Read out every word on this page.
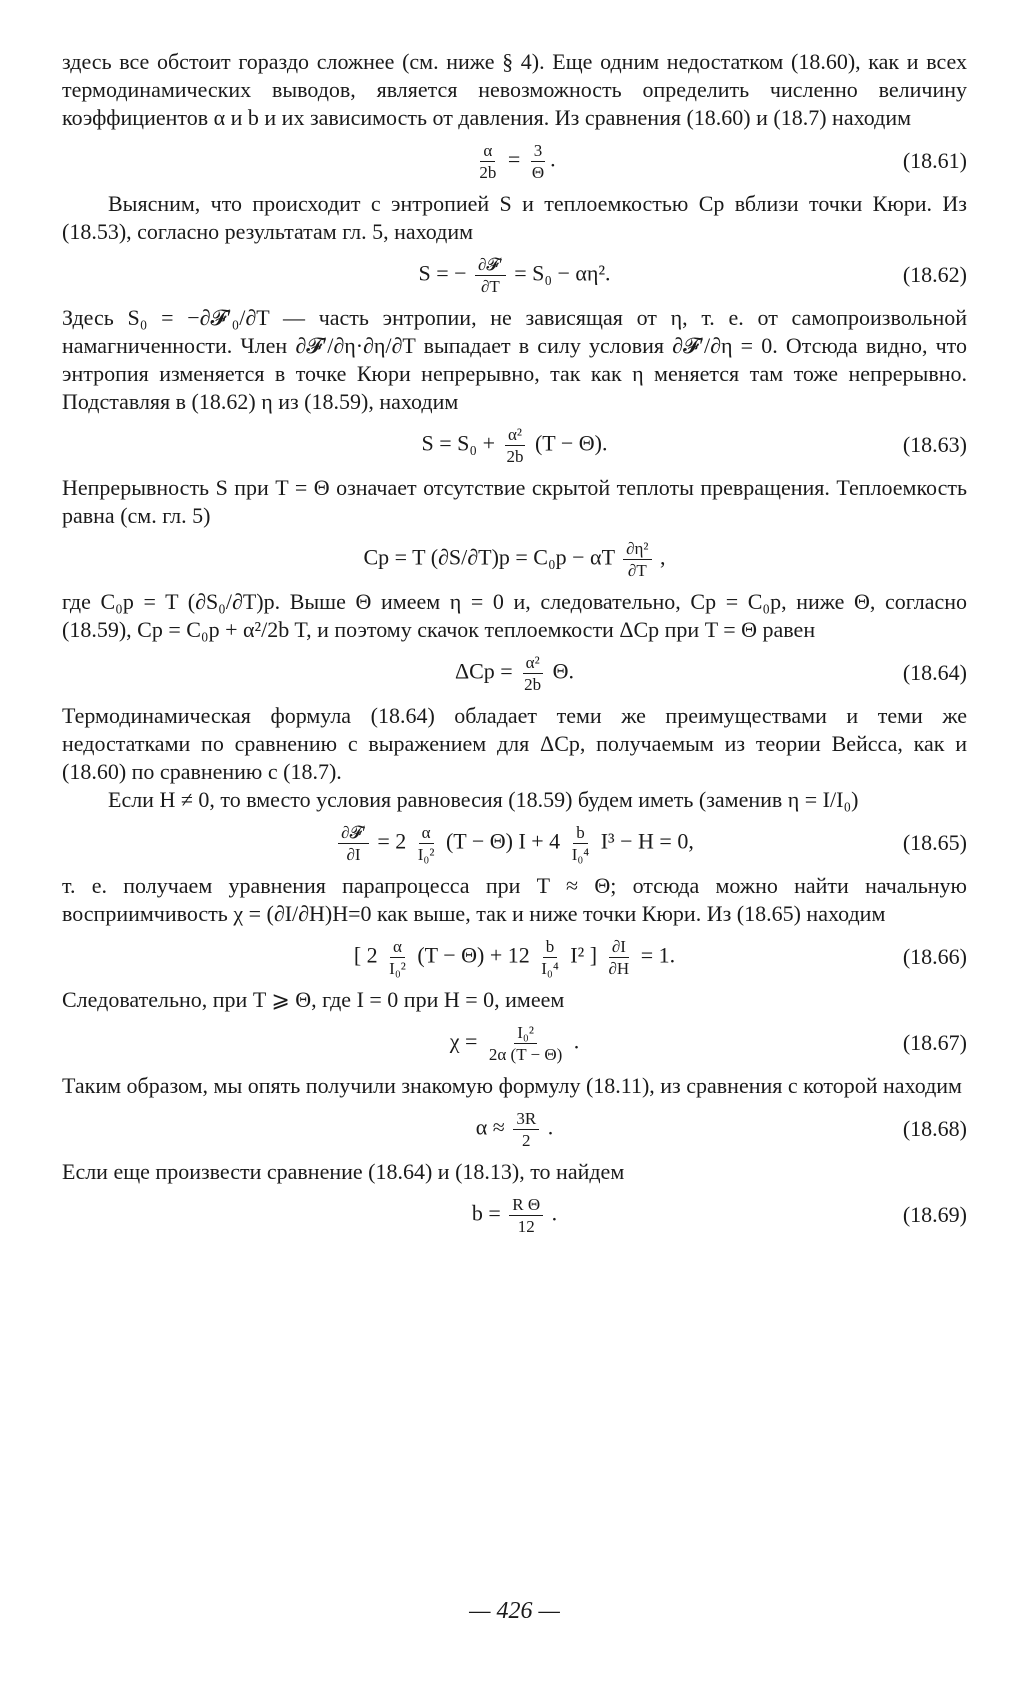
здесь все обстоит гораздо сложнее (см. ниже § 4). Еще одним недостатком (18.60), как и всех термодинамических выводов, является невозможность определить численно величину коэффициентов α и b и их зависимость от давления. Из сравнения (18.60) и (18.7) находим

$\frac{\alpha}{2b} = \frac{3}{\Theta}$ .	(18.61)

Выясним, что происходит с энтропией S и теплоемкостью Cp вблизи точки Кюри. Из (18.53), согласно результатам гл. 5, находим

S = − ∂𝓕′
∂T
= S₀ − αη².	(18.62)

Здесь S₀ = −∂𝓕′₀/∂T — часть энтропии, не зависящая от η, т. е. от самопроизвольной намагниченности. Член ∂𝓕′/∂η·∂η/∂T выпадает в силу условия ∂𝓕′/∂η = 0. Отсюда видно, что энтропия изменяется в точке Кюри непрерывно, так как η меняется там тоже непрерывно. Подставляя в (18.62) η из (18.59), находим

$S = S_0 + \frac{\text{α²}}{2b} (T - \Theta)$.	(18.63)

Непрерывность S при T = Θ означает отсутствие скрытой теплоты превращения. Теплоемкость равна (см. гл. 5)

Cp = T (∂S/∂T)p = C₀p − αT $\frac{\text{∂η²}}{\partial T}$ ,

где C₀p = T (∂S₀/∂T)p. Выше Θ имеем η = 0 и, следовательно, Cp = C₀p, ниже Θ, согласно (18.59), Cp = C₀p + α²/2b T, и поэтому скачок теплоемкости ΔCp при T = Θ равен

$\Delta Cp = \frac{\text{α²}}{2b} \Theta$.	(18.64)

Термодинамическая формула (18.64) обладает теми же преимуществами и теми же недостатками по сравнению с выражением для ΔCp, получаемым из теории Вейсса, как и (18.60) по сравнению с (18.7).

Если H ≠ 0, то вместо условия равновесия (18.59) будем иметь (заменив η = I/I₀)

∂𝓕′
∂I
= $2 \frac{\alpha}{\text{I₀²}} (T - \Theta) I + 4 \frac{b}{\text{I₀⁴}} I^3 - H = 0$,	(18.65)

т. е. получаем уравнения парапроцесса при T ≈ Θ; отсюда можно найти начальную восприимчивость χ = (∂I/∂H)H=0 как выше, так и ниже точки Кюри. Из (18.65) находим

[ $2 \frac{\alpha}{\text{I₀²}} (T - \Theta) + 12 \frac{b}{\text{I₀⁴}} I^2$ ] $\frac{\partial I}{\partial H} = 1$.	(18.66)

Следовательно, при T ⩾ Θ, где I = 0 при H = 0, имеем

$\chi = \frac{\text{I₀²}}{2\alpha (T - \Theta)}$ .	(18.67)

Таким образом, мы опять получили знакомую формулу (18.11), из сравнения с которой находим

$\alpha \approx \frac{3R}{2}$ .	(18.68)

Если еще произвести сравнение (18.64) и (18.13), то найдем

$b = \frac{\text{R Θ}}{12}$ .	(18.69)
— 426 —
